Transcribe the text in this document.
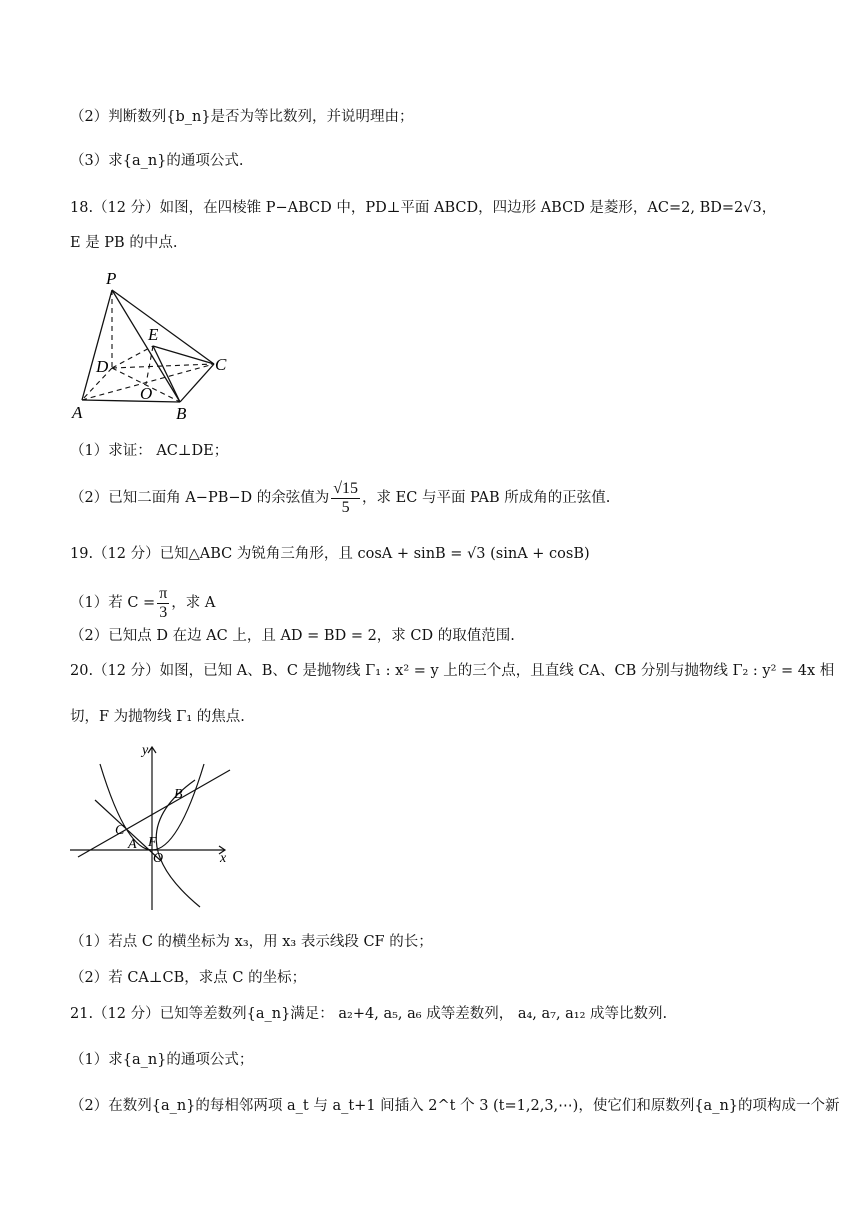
（2）判断数列{b_n}是否为等比数列，并说明理由；
（3）求{a_n}的通项公式.
18.（12 分）如图，在四棱锥 P−ABCD 中，PD⊥平面 ABCD，四边形 ABCD 是菱形，AC=2, BD=2√3，
E 是 PB 的中点.
P
E
D	C
O
A	B
（1）求证： AC⊥DE；
（2）已知二面角 A−PB−D 的余弦值为 $\frac{√15}{5}$ ，求 EC 与平面 PAB 所成角的正弦值.
19.（12 分）已知△ABC 为锐角三角形，且 cosA + sinB = √3 (sinA + cosB)
（1）若 $C = \frac{\pi}{3}$ ，求 A
（2）已知点 D 在边 AC 上，且 AD = BD = 2，求 CD 的取值范围.
20.（12 分）如图，已知 A、B、C 是抛物线 Γ₁ : x² = y 上的三个点，且直线 CA、CB 分别与抛物线 Γ₂ : y² = 4x 相
切，F 为抛物线 Γ₁ 的焦点.
y
x
B
C
A F
O
（1）若点 C 的横坐标为 x₃，用 x₃ 表示线段 CF 的长；
（2）若 CA⊥CB，求点 C 的坐标；
21.（12 分）已知等差数列{a_n}满足： a₂+4, a₅, a₆ 成等差数列， a₄, a₇, a₁₂ 成等比数列.
（1）求{a_n}的通项公式；
（2）在数列{a_n}的每相邻两项 a_t 与 a_t+1 间插入 2^t 个 3 (t=1,2,3,⋯)，使它们和原数列{a_n}的项构成一个新
